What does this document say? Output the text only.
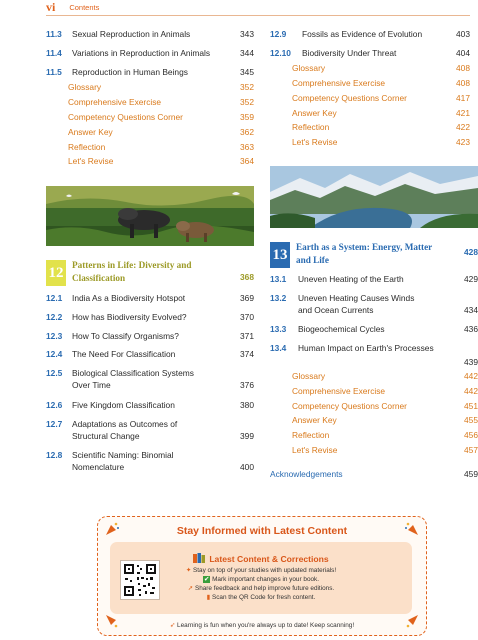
vi Contents
11.3 Sexual Reproduction in Animals	343
11.4 Variations in Reproduction in Animals	344
11.5 Reproduction in Human Beings	345
Glossary	352
Comprehensive Exercise	352
Competency Questions Corner	359
Answer Key	362
Reflection	363
Let's Revise	364
12 Patterns in Life: Diversity and
Classification	368
12.1 India As a Biodiversity Hotspot	369
12.2 How has Biodiversity Evolved?	370
12.3 How To Classify Organisms?	371
12.4 The Need For Classification	374
12.5 Biological Classification Systems
Over Time	376
12.6 Five Kingdom Classification	380
12.7 Adaptations as Outcomes of
Structural Change	399
12.8 Scientific Naming: Binomial
Nomenclature	400
12.9 Fossils as Evidence of Evolution	403
12.10 Biodiversity Under Threat	404
Glossary	408
Comprehensive Exercise	408
Competency Questions Corner	417
Answer Key	421
Reflection	422
Let's Revise	423
13 Earth as a System: Energy, Matter
and Life
428
13.1 Uneven Heating of the Earth	429
13.2 Uneven Heating Causes Winds
and Ocean Currents	434
13.3 Biogeochemical Cycles	436
13.4 Human Impact on Earth's Processes
439
Glossary	442
Comprehensive Exercise	442
Competency Questions Corner	451
Answer Key	455
Reflection	456
Let's Revise	457
Acknowledgements	459
Stay Informed with Latest Content
Latest Content & Corrections
✦ Stay on top of your studies with updated materials!
✔ Mark important changes in your book.
➚ Share feedback and help improve future editions.
▮ Scan the QR Code for fresh content.
➶ Learning is fun when you're always up to date! Keep scanning!
